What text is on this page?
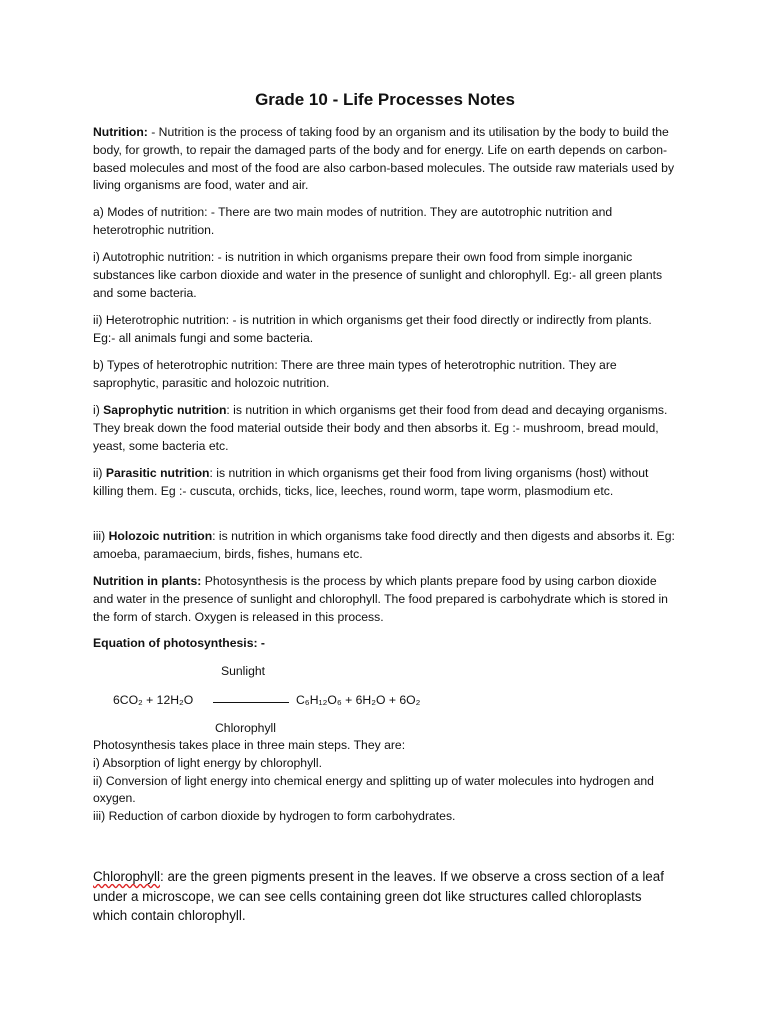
Grade 10 - Life Processes Notes

Nutrition: - Nutrition is the process of taking food by an organism and its utilisation by the body to build the body, for growth, to repair the damaged parts of the body and for energy. Life on earth depends on carbon-based molecules and most of the food are also carbon-based molecules. The outside raw materials used by living organisms are food, water and air.

a) Modes of nutrition: - There are two main modes of nutrition. They are autotrophic nutrition and heterotrophic nutrition.

i) Autotrophic nutrition: - is nutrition in which organisms prepare their own food from simple inorganic substances like carbon dioxide and water in the presence of sunlight and chlorophyll. Eg:- all green plants and some bacteria.

ii) Heterotrophic nutrition: - is nutrition in which organisms get their food directly or indirectly from plants. Eg:- all animals fungi and some bacteria.

b) Types of heterotrophic nutrition: There are three main types of heterotrophic nutrition. They are saprophytic, parasitic and holozoic nutrition.

i) Saprophytic nutrition: is nutrition in which organisms get their food from dead and decaying organisms. They break down the food material outside their body and then absorbs it. Eg :- mushroom, bread mould, yeast, some bacteria etc.

ii) Parasitic nutrition: is nutrition in which organisms get their food from living organisms (host) without killing them. Eg :- cuscuta, orchids, ticks, lice, leeches, round worm, tape worm, plasmodium etc.

iii) Holozoic nutrition: is nutrition in which organisms take food directly and then digests and absorbs it. Eg: amoeba, paramaecium, birds, fishes, humans etc.

Nutrition in plants: Photosynthesis is the process by which plants prepare food by using carbon dioxide and water in the presence of sunlight and chlorophyll. The food prepared is carbohydrate which is stored in the form of starch. Oxygen is released in this process.

Equation of photosynthesis: -

Sunlight
6CO₂ + 12H₂O	C₆H₁₂O₆ + 6H₂O + 6O₂
Chlorophyll
Photosynthesis takes place in three main steps. They are:
i) Absorption of light energy by chlorophyll.
ii) Conversion of light energy into chemical energy and splitting up of water molecules into hydrogen and oxygen.
iii) Reduction of carbon dioxide by hydrogen to form carbohydrates.

Chlorophyll: are the green pigments present in the leaves. If we observe a cross section of a leaf under a microscope, we can see cells containing green dot like structures called chloroplasts which contain chlorophyll.
